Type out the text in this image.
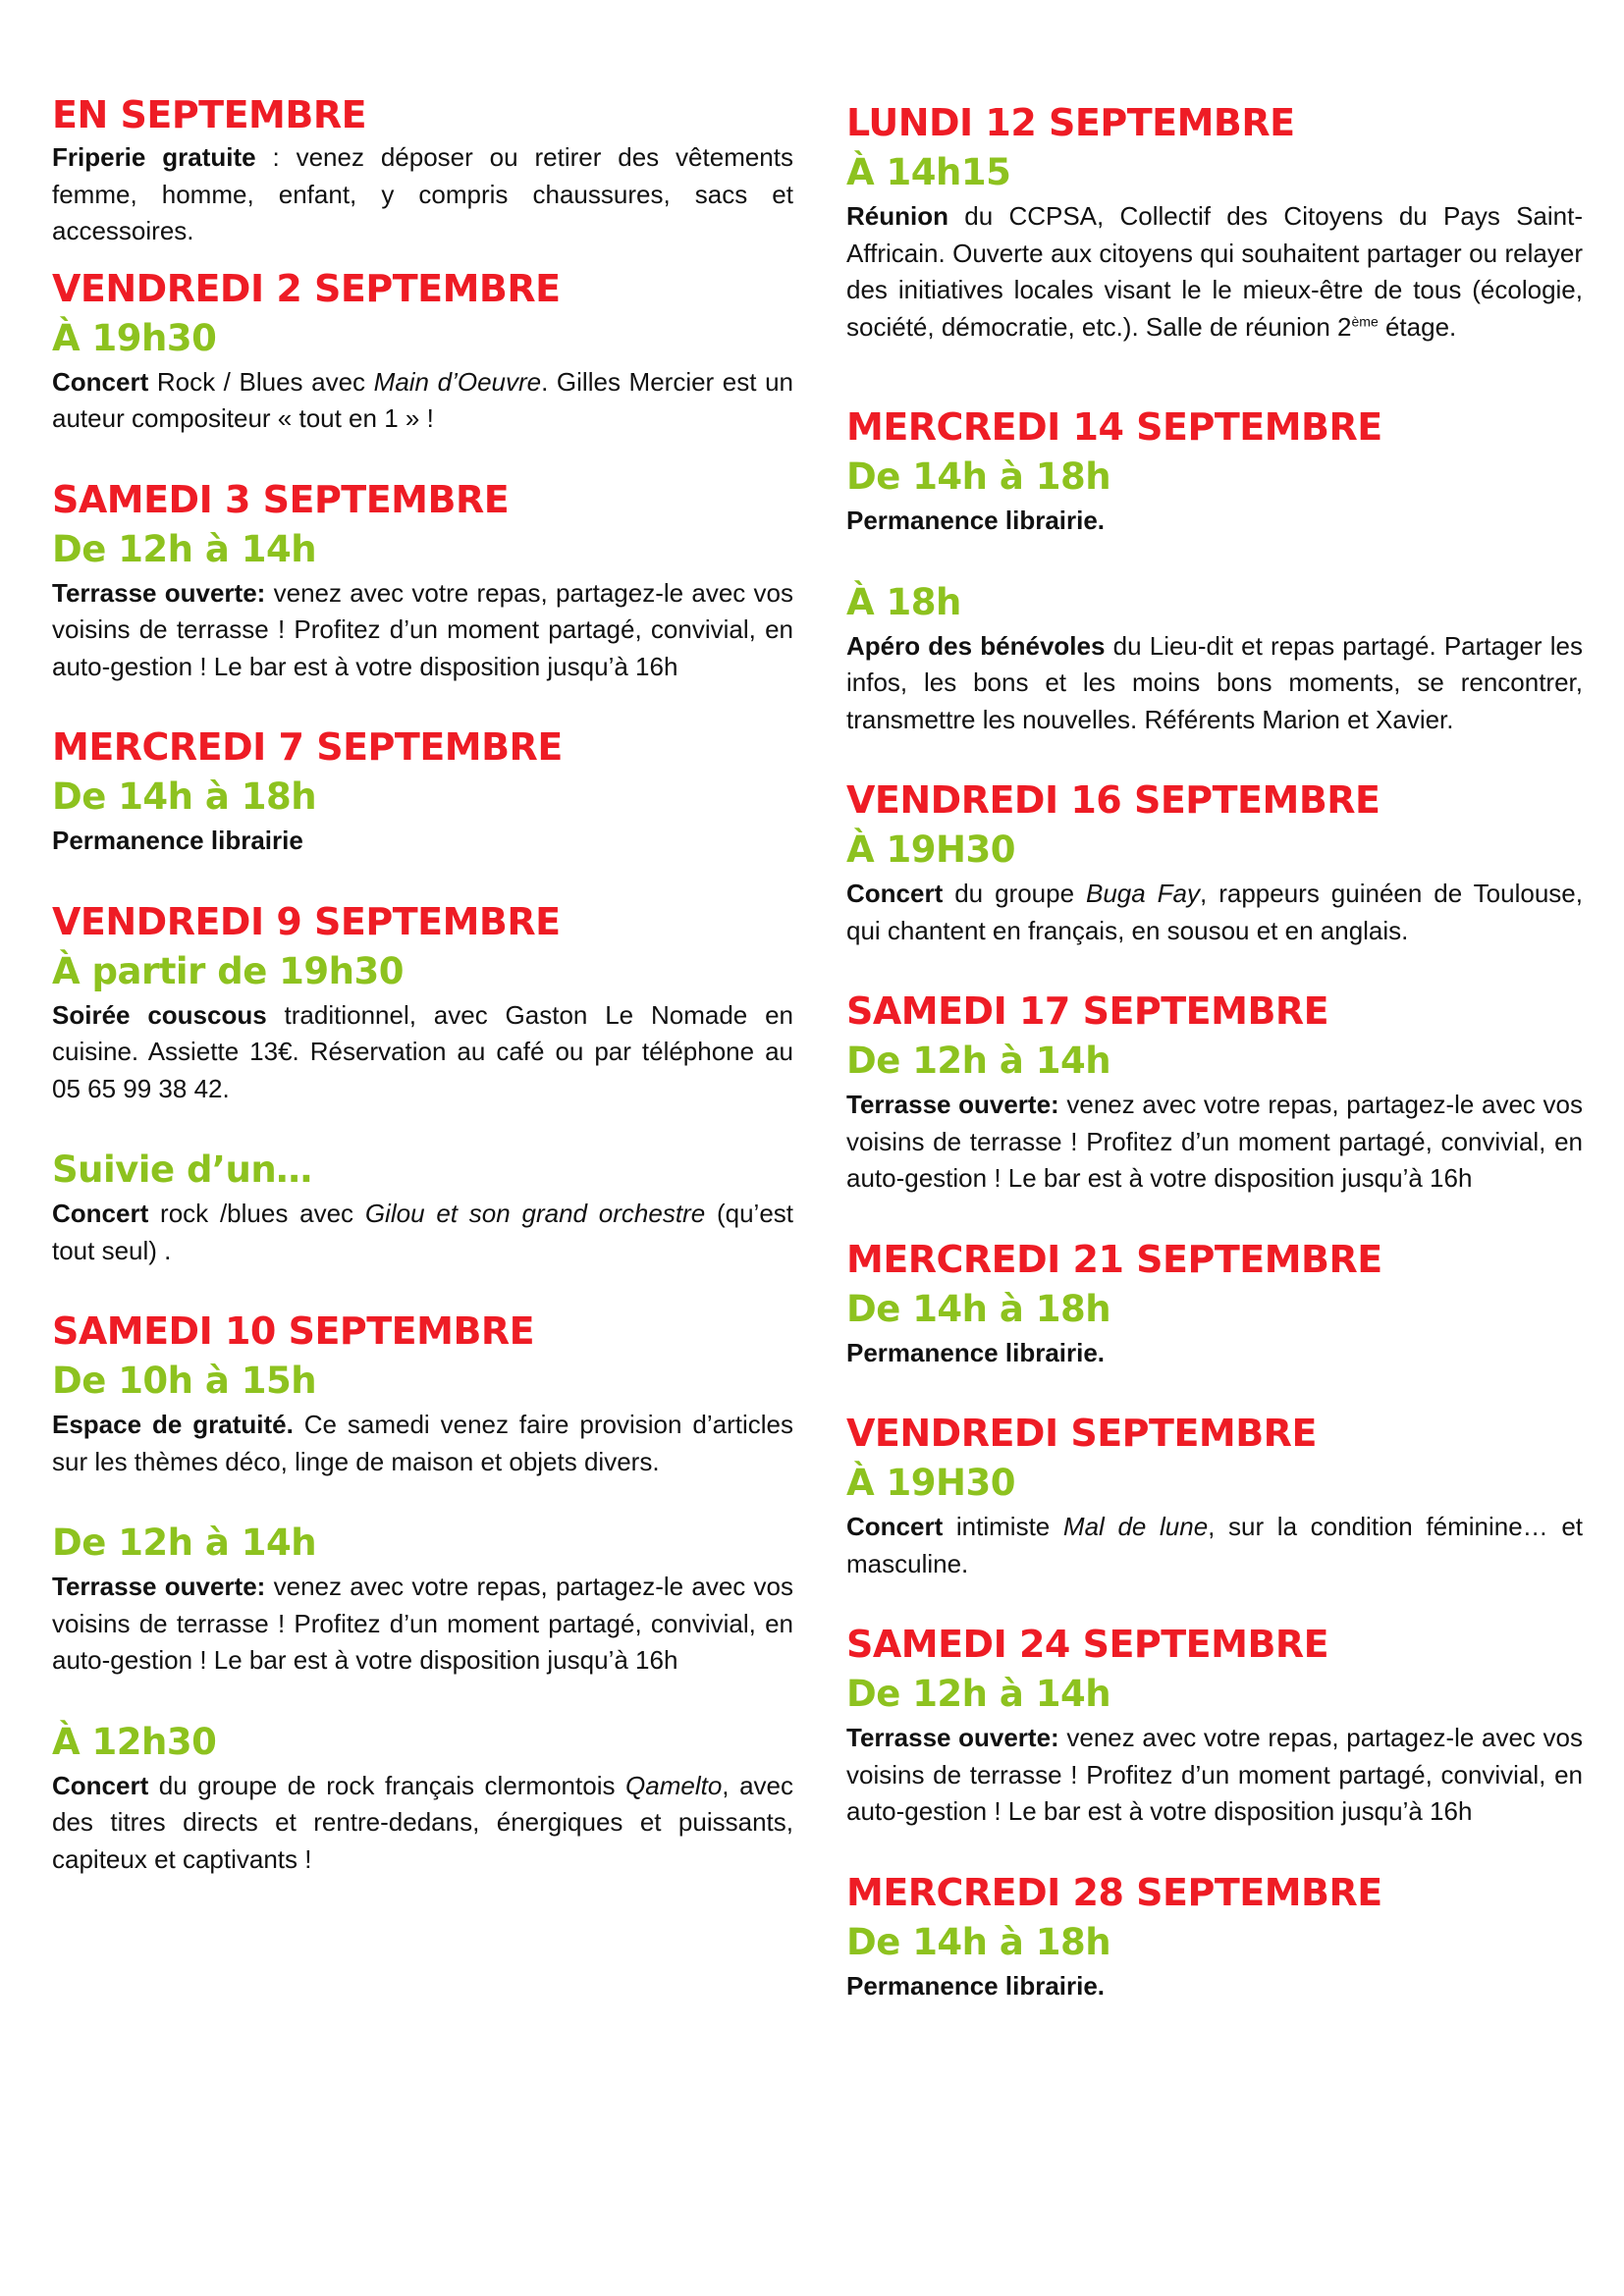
EN SEPTEMBRE

Friperie gratuite : venez déposer ou retirer des vêtements femme, homme, enfant, y compris chaussures, sacs et accessoires.

VENDREDI 2 SEPTEMBRE
À 19h30

Concert Rock / Blues avec Main d’Oeuvre. Gilles Mercier est un auteur compositeur « tout en 1 » !

SAMEDI 3 SEPTEMBRE
De 12h à 14h

Terrasse ouverte: venez avec votre repas, partagez-le avec vos voisins de terrasse ! Profitez d’un moment partagé, convivial, en auto-gestion ! Le bar est à votre disposition jusqu’à 16h

MERCREDI 7 SEPTEMBRE
De 14h à 18h

Permanence librairie

VENDREDI 9 SEPTEMBRE
À partir de 19h30

Soirée couscous traditionnel, avec Gaston Le Nomade en cuisine. Assiette 13€. Réservation au café ou par téléphone au 05 65 99 38 42.

Suivie d’un…

Concert rock /blues avec Gilou et son grand orchestre (qu’est tout seul) .

SAMEDI 10 SEPTEMBRE
De 10h à 15h

Espace de gratuité. Ce samedi venez faire provision d’articles sur les thèmes déco, linge de maison et objets divers.

De 12h à 14h

Terrasse ouverte: venez avec votre repas, partagez-le avec vos voisins de terrasse ! Profitez d’un moment partagé, convivial, en auto-gestion ! Le bar est à votre disposition jusqu’à 16h

À 12h30

Concert du groupe de rock français clermontois Qamelto, avec des titres directs et rentre-dedans, énergiques et puissants, capiteux et captivants !

LUNDI 12 SEPTEMBRE
À 14h15

Réunion du CCPSA, Collectif des Citoyens du Pays Saint-Affricain. Ouverte aux citoyens qui souhaitent partager ou relayer des initiatives locales visant le le mieux-être de tous (écologie, société, démocratie, etc.). Salle de réunion 2ème étage.

MERCREDI 14 SEPTEMBRE
De 14h à 18h

Permanence librairie.

À 18h

Apéro des bénévoles du Lieu-dit et repas partagé. Partager les infos, les bons et les moins bons moments, se rencontrer, transmettre les nouvelles. Référents Marion et Xavier.

VENDREDI 16 SEPTEMBRE
À 19H30

Concert du groupe Buga Fay, rappeurs guinéen de Toulouse, qui chantent en français, en sousou et en anglais.

SAMEDI 17 SEPTEMBRE
De 12h à 14h

Terrasse ouverte: venez avec votre repas, partagez-le avec vos voisins de terrasse ! Profitez d’un moment partagé, convivial, en auto-gestion ! Le bar est à votre disposition jusqu’à 16h

MERCREDI 21 SEPTEMBRE
De 14h à 18h

Permanence librairie.

VENDREDI SEPTEMBRE
À 19H30

Concert intimiste Mal de lune, sur la condition féminine… et masculine.

SAMEDI 24 SEPTEMBRE
De 12h à 14h

Terrasse ouverte: venez avec votre repas, partagez-le avec vos voisins de terrasse ! Profitez d’un moment partagé, convivial, en auto-gestion ! Le bar est à votre disposition jusqu’à 16h

MERCREDI 28 SEPTEMBRE
De 14h à 18h

Permanence librairie.
